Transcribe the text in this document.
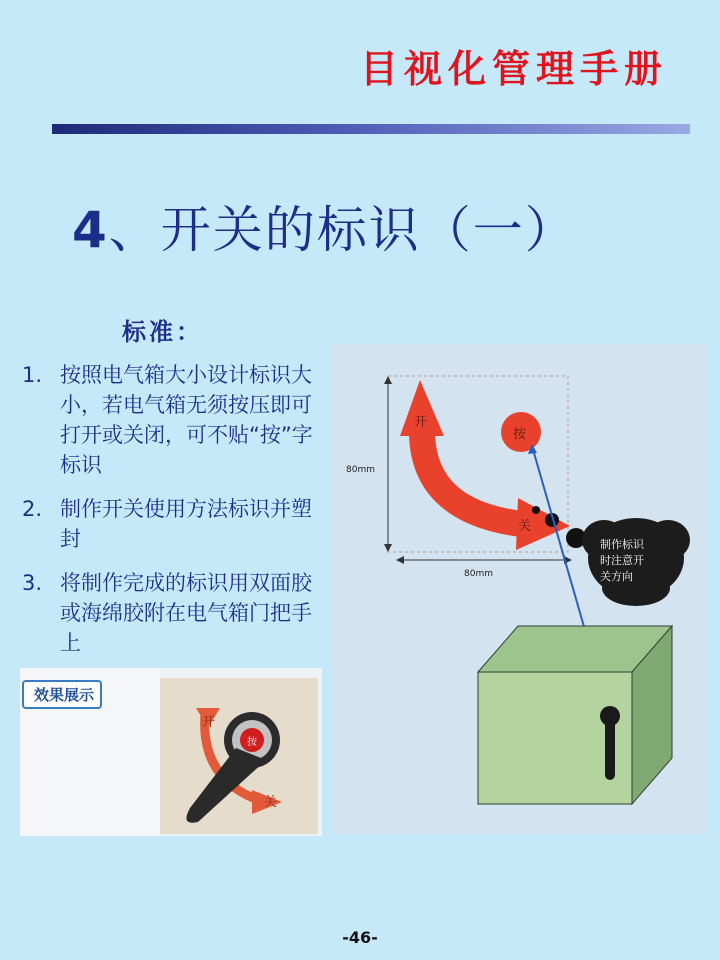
目视化管理手册
4、开关的标识（一）
标准：
1. 按照电气箱大小设计标识大小，若电气箱无须按压即可打开或关闭，可不贴“按”字标识
2. 制作开关使用方法标识并塑封
3. 将制作完成的标识用双面胶或海绵胶附在电气箱门把手上
效果展示
开
按
关
80mm
80mm
开
关
按
制作标识
时注意开
关方向
-46-
